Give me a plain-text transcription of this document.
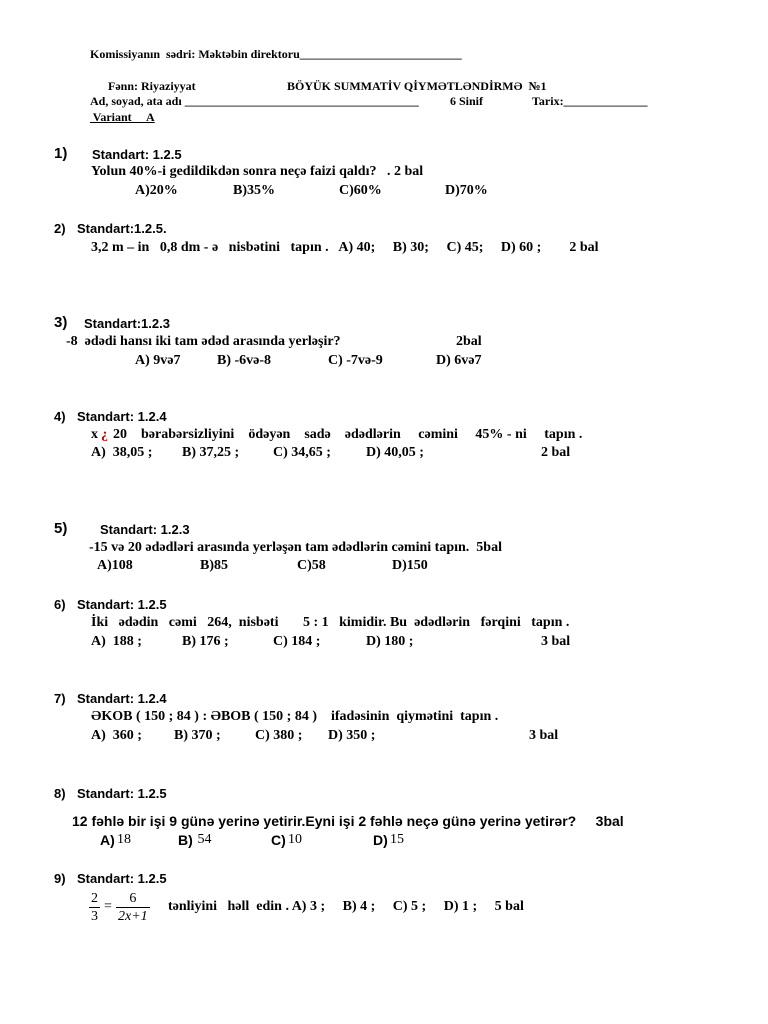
Komissiyanın  sədri: Məktəbin direktoru___________________________
Fənn: Riyaziyyat	BÖYÜK SUMMATİV QİYMƏTLƏNDİRMƏ  №1
Ad, soyad, ata adı _______________________________________	6 Sinif	Tarix:______________
Variant     A
1) Standart: 1.2.5
Yolun 40%-i gedildikdən sonra neçə faizi qaldı?   . 2 bal
A)20%	B)35%	C)60%	D)70%
2) Standart:1.2.5.
3,2 m – in   0,8 dm - ə   nisbətini   tapın .   A) 40;     B) 30;     C) 45;     D) 60 ;        2 bal
3) Standart:1.2.3
-8  ədədi hansı iki tam ədəd arasında yerləşir?	2bal
A) 9və7	B) -6və-8	C) -7və-9	D) 6və7
4) Standart: 1.2.4
x ¿ 20    bərabərsizliyini    ödəyən    sadə    ədədlərin     cəmini     45% - ni     tapın .
A)  38,05 ; B) 37,25 ; C) 34,65 ;	D) 40,05 ;	2 bal
5)	Standart: 1.2.3
-15 və 20 ədədləri arasında yerləşən tam ədədlərin cəmini tapın.  5bal
A)108	B)85	C)58	D)150
6) Standart: 1.2.5
İki   ədədin   cəmi   264,  nisbəti       5 : 1   kimidir. Bu  ədədlərin   fərqini   tapın .
A)  188 ;	B) 176 ;	C) 184 ;	D) 180 ;	3 bal
7) Standart: 1.2.4
ƏKOB ( 150 ; 84 ) : ƏBOB ( 150 ; 84 )    ifadəsinin  qiymətini  tapın .
A)  360 ; B) 370 ; C) 380 ; D) 350 ;	3 bal
8) Standart: 1.2.5
12 fəhlə bir işi 9 günə yerinə yetirir.Eyni işi 2 fəhlə neçə günə yerinə yetirər?     3bal
A) 18	B) 54	C) 10	D) 15
9) Standart: 1.2.5
$\frac{2}{3} = \frac{6}{2x+1}$ tənliyini   həll  edin . A) 3 ;     B) 4 ;     C) 5 ;     D) 1 ;     5 bal
